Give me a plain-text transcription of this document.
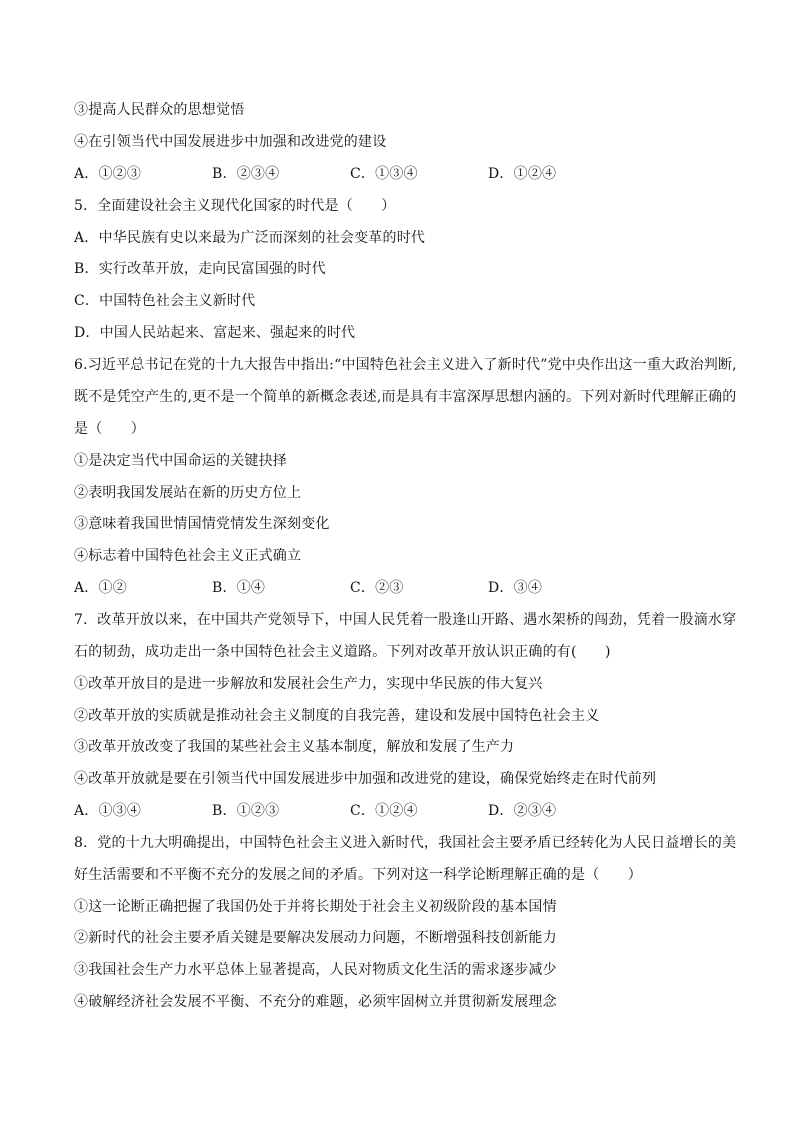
③提高人民群众的思想觉悟
④在引领当代中国发展进步中加强和改进党的建设
A．①②③	B．②③④	C．①③④	D．①②④
5．全面建设社会主义现代化国家的时代是（　　）
A．中华民族有史以来最为广泛而深刻的社会变革的时代
B．实行改革开放，走向民富国强的时代
C．中国特色社会主义新时代
D．中国人民站起来、富起来、强起来的时代
6.习近平总书记在党的十九大报告中指出:“中国特色社会主义进入了新时代”党中央作出这一重大政治判断,
既不是凭空产生的,更不是一个简单的新概念表述,而是具有丰富深厚思想内涵的。下列对新时代理解正确的
是（　　）
①是决定当代中国命运的关键抉择
②表明我国发展站在新的历史方位上
③意味着我国世情国情党情发生深刻变化
④标志着中国特色社会主义正式确立
A．①②	B．①④	C．②③	D．③④
7．改革开放以来，在中国共产党领导下，中国人民凭着一股逢山开路、遇水架桥的闯劲，凭着一股滴水穿
石的韧劲，成功走出一条中国特色社会主义道路。下列对改革开放认识正确的有(　　)
①改革开放目的是进一步解放和发展社会生产力，实现中华民族的伟大复兴
②改革开放的实质就是推动社会主义制度的自我完善，建设和发展中国特色社会主义
③改革开放改变了我国的某些社会主义基本制度，解放和发展了生产力
④改革开放就是要在引领当代中国发展进步中加强和改进党的建设，确保党始终走在时代前列
A．①③④	B．①②③	C．①②④	D．②③④
8．党的十九大明确提出，中国特色社会主义进入新时代，我国社会主要矛盾已经转化为人民日益增长的美
好生活需要和不平衡不充分的发展之间的矛盾。下列对这一科学论断理解正确的是（　　）
①这一论断正确把握了我国仍处于并将长期处于社会主义初级阶段的基本国情
②新时代的社会主要矛盾关键是要解决发展动力问题，不断增强科技创新能力
③我国社会生产力水平总体上显著提高，人民对物质文化生活的需求逐步减少
④破解经济社会发展不平衡、不充分的难题，必须牢固树立并贯彻新发展理念
